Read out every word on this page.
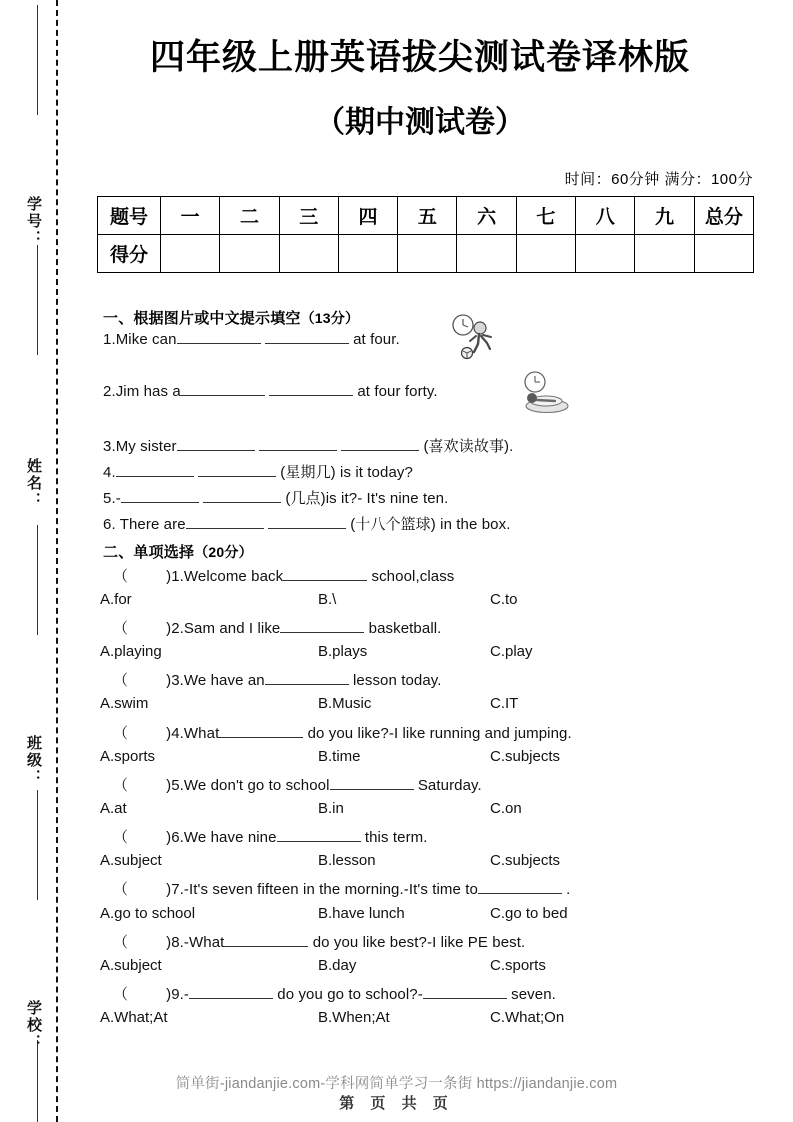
学号：
姓名：
班级：
学校：
四年级上册英语拔尖测试卷译林版
（期中测试卷）
时间：60分钟 满分：100分
题号	一	二	三	四	五	六	七	八	九	总分
得分										
一、根据图片或中文提示填空（13分）
1.Mike can	at four.
2.Jim has a	at four forty.
3.My sister	(喜欢读故事).
4.	(星期几) is it today?
5.-	(几点)is it?- It's nine ten.
6. There are	(十八个篮球) in the box.
二、单项选择（20分）
（	)1.Welcome back	school,class
A.for	B.\	C.to
（	)2.Sam and I like	basketball.
A.playing	B.plays	C.play
（	)3.We have an	lesson today.
A.swim	B.Music	C.IT
（	)4.What	do you like?-I like running and jumping.
A.sports	B.time	C.subjects
（	)5.We don't go to school	Saturday.
A.at	B.in	C.on
（	)6.We have nine	this term.
A.subject	B.lesson	C.subjects
（	)7.-It's seven fifteen in the morning.-It's time to	.
A.go to school	B.have lunch	C.go to bed
（	)8.-What	do you like best?-I like PE best.
A.subject	B.day	C.sports
（	)9.-	do you go to school?-	seven.
A.What;At	B.When;At	C.What;On
简单街-jiandanjie.com-学科网简单学习一条街 https://jiandanjie.com
第 页 共 页
